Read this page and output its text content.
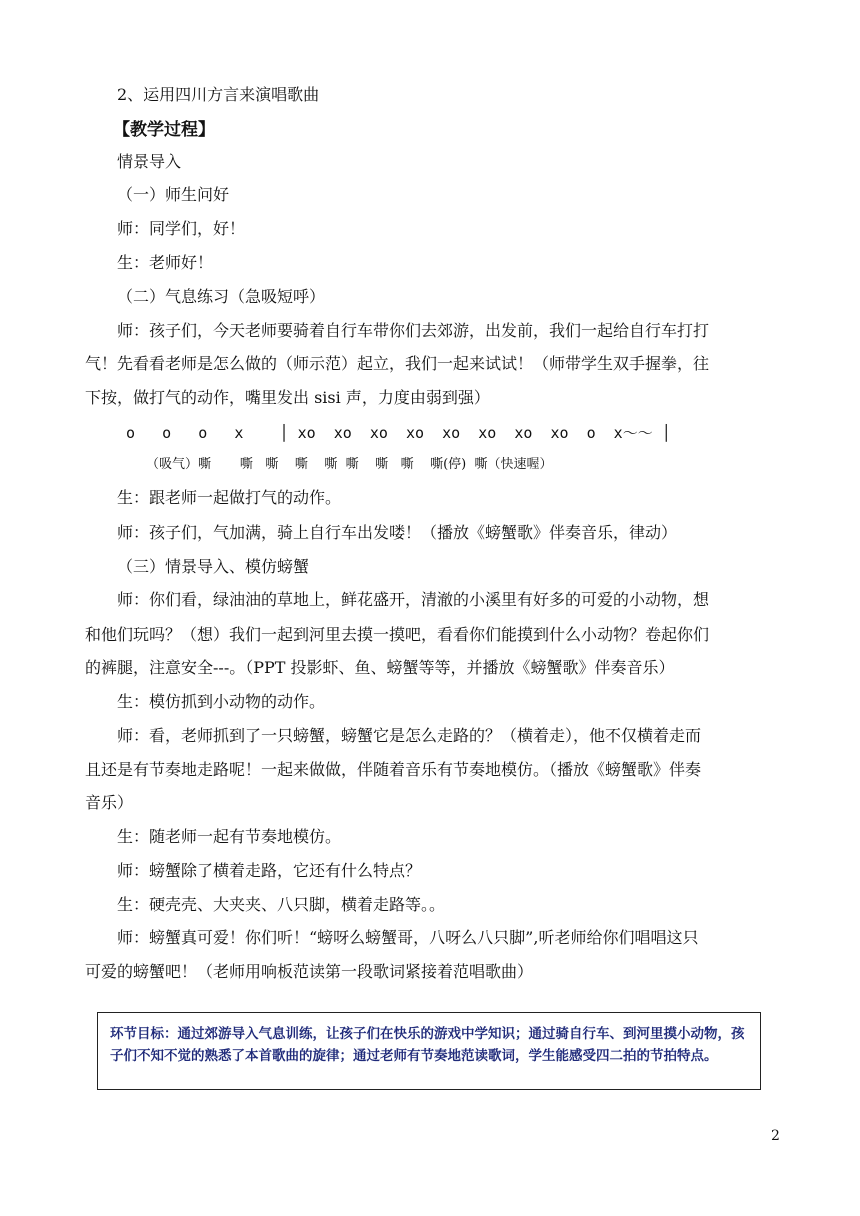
2、运用四川方言来演唱歌曲
【教学过程】
情景导入
（一）师生问好
师：同学们，好！
生：老师好！
（二）气息练习（急吸短呼）
师：孩子们，今天老师要骑着自行车带你们去郊游，出发前，我们一起给自行车打打
气！先看看老师是怎么做的（师示范）起立，我们一起来试试！（师带学生双手握拳，往
下按，做打气的动作，嘴里发出 sisi 声，力度由弱到强）
o   o   o   x    │ xo  xo  xo  xo  xo  xo  xo  xo  o  x～～ │
（吸气）嘶       嘶   嘶    嘶    嘶  嘶    嘶   嘶    嘶(停)  嘶（快速喔）
生：跟老师一起做打气的动作。
师：孩子们，气加满，骑上自行车出发喽！（播放《螃蟹歌》伴奏音乐，律动）
（三）情景导入、模仿螃蟹
师：你们看，绿油油的草地上，鲜花盛开，清澈的小溪里有好多的可爱的小动物，想
和他们玩吗？（想）我们一起到河里去摸一摸吧，看看你们能摸到什么小动物？卷起你们
的裤腿，注意安全---。（PPT 投影虾、鱼、螃蟹等等，并播放《螃蟹歌》伴奏音乐）
生：模仿抓到小动物的动作。
师：看，老师抓到了一只螃蟹，螃蟹它是怎么走路的？（横着走），他不仅横着走而
且还是有节奏地走路呢！一起来做做，伴随着音乐有节奏地模仿。（播放《螃蟹歌》伴奏
音乐）
生：随老师一起有节奏地模仿。
师：螃蟹除了横着走路，它还有什么特点？
生：硬壳壳、大夹夹、八只脚，横着走路等。。
师：螃蟹真可爱！你们听！“螃呀么螃蟹哥，八呀么八只脚”,听老师给你们唱唱这只
可爱的螃蟹吧！（老师用响板范读第一段歌词紧接着范唱歌曲）
环节目标：通过郊游导入气息训练，让孩子们在快乐的游戏中学知识；通过骑自行车、到河里摸小动物，孩子们不知不觉的熟悉了本首歌曲的旋律；通过老师有节奏地范读歌词，学生能感受四二拍的节拍特点。
2
